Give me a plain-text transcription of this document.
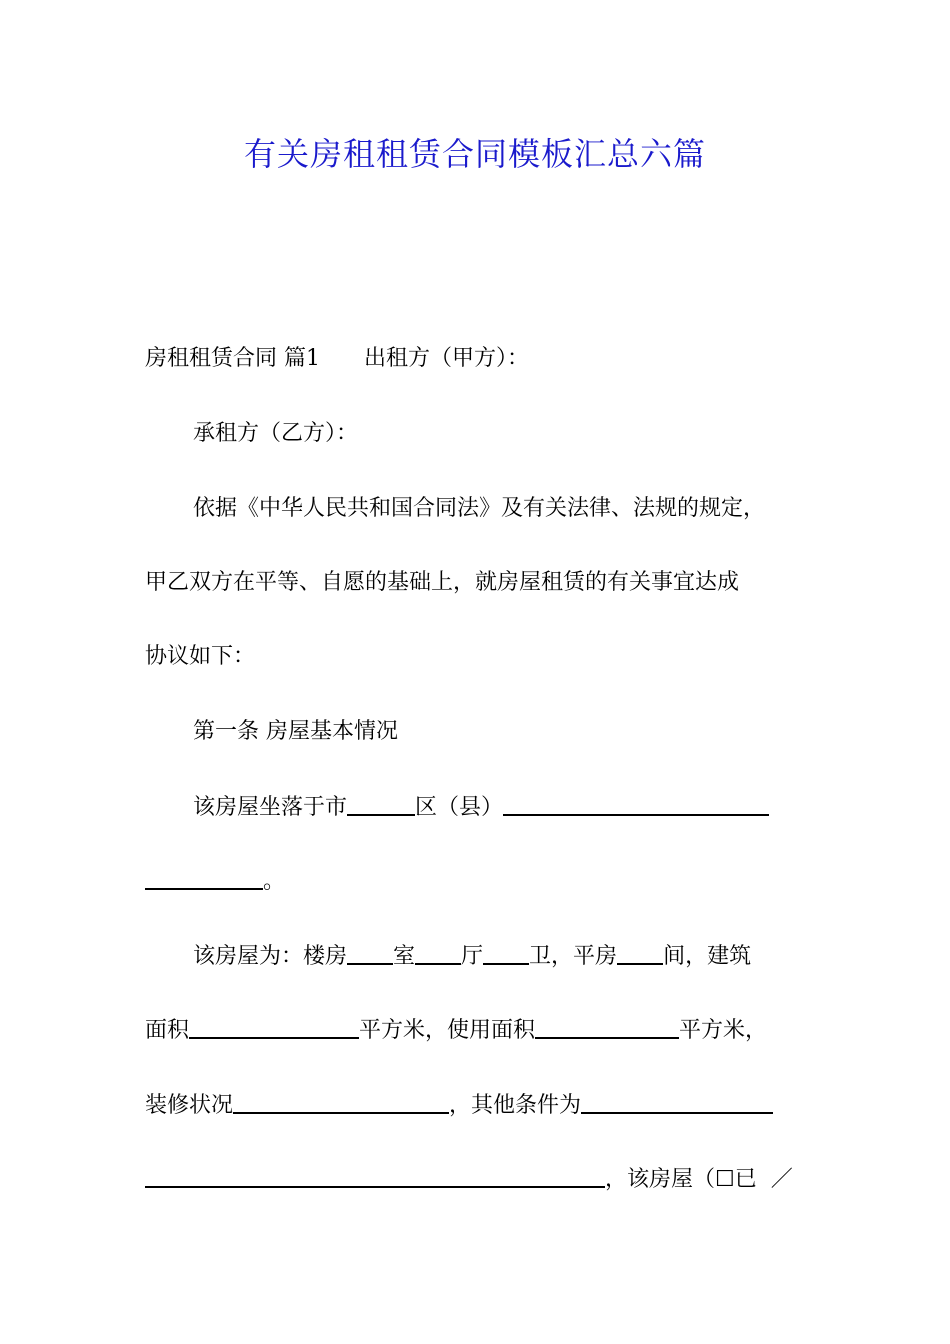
有关房租租赁合同模板汇总六篇
房租租赁合同 篇1 出租方（甲方）：
承租方（乙方）：
依据《中华人民共和国合同法》及有关法律、法规的规定，
甲乙双方在平等、自愿的基础上，就房屋租赁的有关事宜达成
协议如下：
第一条 房屋基本情况
该房屋坐落于市	区（县）
。
该房屋为：楼房 室 厅 卫，平房 间，建筑
面积	平方米，使用面积	平方米，
装修状况	，其他条件为
，该房屋（☐已 ／
